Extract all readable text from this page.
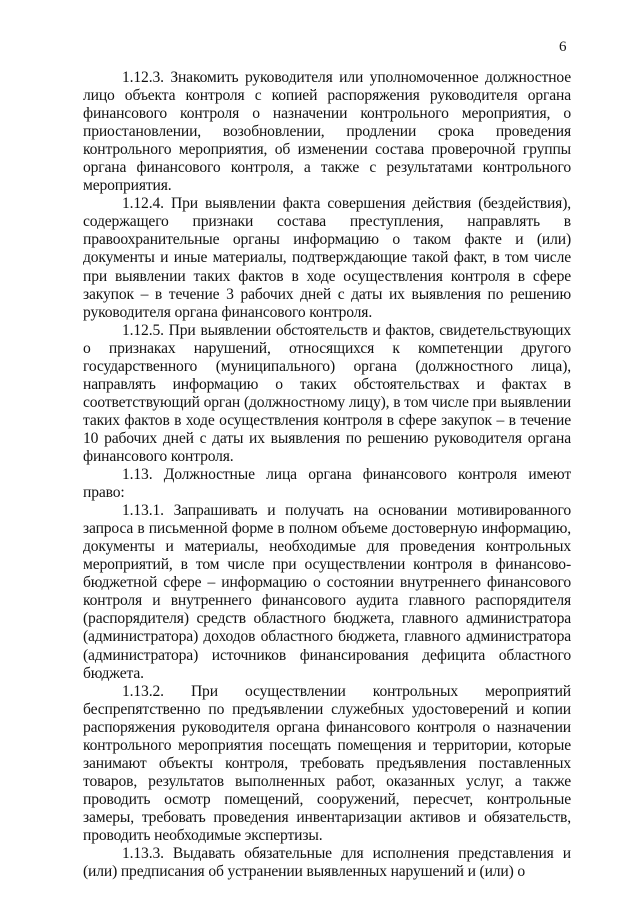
6

1.12.3. Знакомить руководителя или уполномоченное должностное лицо объекта контроля с копией распоряжения руководителя органа финансового контроля о назначении контрольного мероприятия, о приостановлении, возобновлении, продлении срока проведения контрольного мероприятия, об изменении состава проверочной группы органа финансового контроля, а также с результатами контрольного мероприятия.

1.12.4. При выявлении факта совершения действия (бездействия), содержащего признаки состава преступления, направлять в правоохранительные органы информацию о таком факте и (или) документы и иные материалы, подтверждающие такой факт, в том числе при выявлении таких фактов в ходе осуществления контроля в сфере закупок – в течение 3 рабочих дней с даты их выявления по решению руководителя органа финансового контроля.

1.12.5. При выявлении обстоятельств и фактов, свидетельствующих о признаках нарушений, относящихся к компетенции другого государственного (муниципального) органа (должностного лица), направлять информацию о таких обстоятельствах и фактах в соответствующий орган (должностному лицу), в том числе при выявлении таких фактов в ходе осуществления контроля в сфере закупок – в течение 10 рабочих дней с даты их выявления по решению руководителя органа финансового контроля.

1.13. Должностные лица органа финансового контроля имеют право:

1.13.1. Запрашивать и получать на основании мотивированного запроса в письменной форме в полном объеме достоверную информацию, документы и материалы, необходимые для проведения контрольных мероприятий, в том числе при осуществлении контроля в финансово-бюджетной сфере – информацию о состоянии внутреннего финансового контроля и внутреннего финансового аудита главного распорядителя (распорядителя) средств областного бюджета, главного администратора (администратора) доходов областного бюджета, главного администратора (администратора) источников финансирования дефицита областного бюджета.

1.13.2. При осуществлении контрольных мероприятий беспрепятственно по предъявлении служебных удостоверений и копии распоряжения руководителя органа финансового контроля о назначении контрольного мероприятия посещать помещения и территории, которые занимают объекты контроля, требовать предъявления поставленных товаров, результатов выполненных работ, оказанных услуг, а также проводить осмотр помещений, сооружений, пересчет, контрольные замеры, требовать проведения инвентаризации активов и обязательств, проводить необходимые экспертизы.

1.13.3. Выдавать обязательные для исполнения представления и (или) предписания об устранении выявленных нарушений и (или) о
